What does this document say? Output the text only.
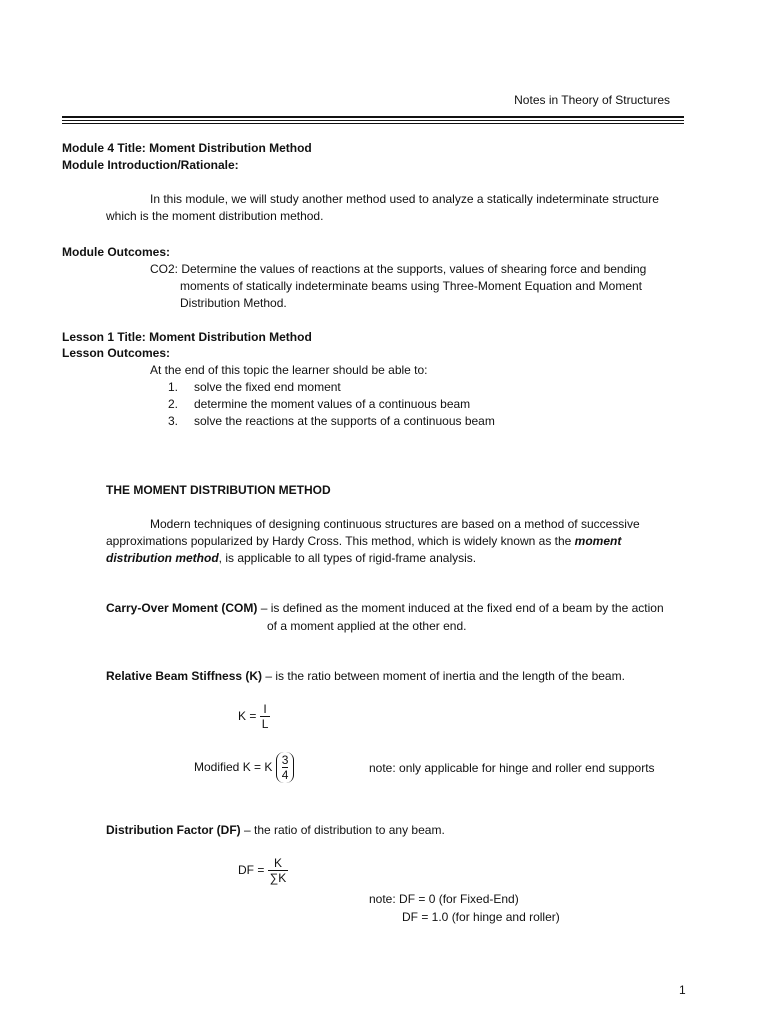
Notes in Theory of Structures
Module 4 Title: Moment Distribution Method
Module Introduction/Rationale:
In this module, we will study another method used to analyze a statically indeterminate structure
which is the moment distribution method.
Module Outcomes:
CO2: Determine the values of reactions at the supports, values of shearing force and bending
moments of statically indeterminate beams using Three-Moment Equation and Moment
Distribution Method.
Lesson 1 Title: Moment Distribution Method
Lesson Outcomes:
At the end of this topic the learner should be able to:
1. solve the fixed end moment
2. determine the moment values of a continuous beam
3. solve the reactions at the supports of a continuous beam
THE MOMENT DISTRIBUTION METHOD
Modern techniques of designing continuous structures are based on a method of successive
approximations popularized by Hardy Cross. This method, which is widely known as the moment
distribution method, is applicable to all types of rigid-frame analysis.
Carry-Over Moment (COM) – is defined as the moment induced at the fixed end of a beam by the action
of a moment applied at the other end.
Relative Beam Stiffness (K) – is the ratio between moment of inertia and the length of the beam.
$K = \frac{I}{L}$
Modified K = K $\frac{3}{4}$	note: only applicable for hinge and roller end supports
Distribution Factor (DF) – the ratio of distribution to any beam.
DF = $\frac{K}{\sum K}$
note: DF = 0 (for Fixed-End)
DF = 1.0 (for hinge and roller)
1
